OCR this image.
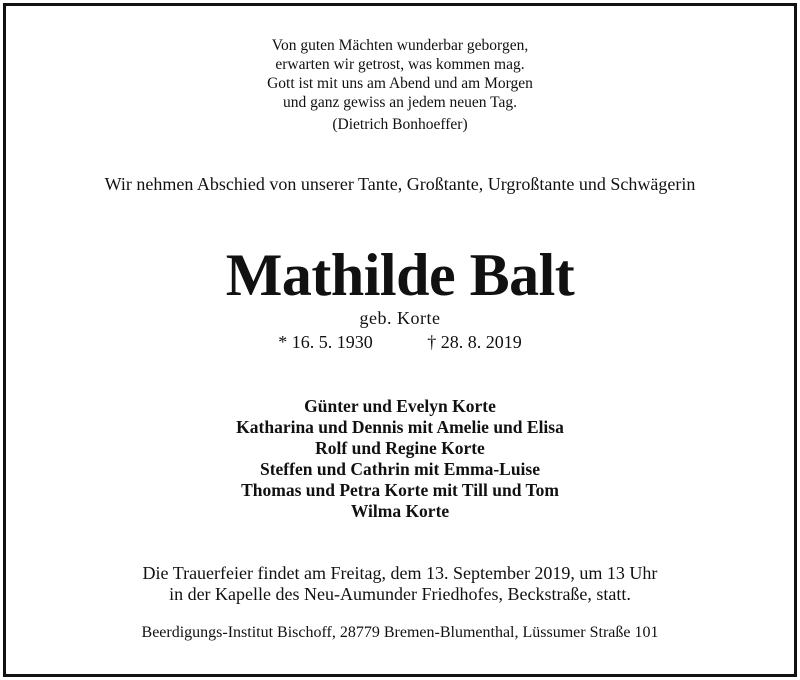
Von guten Mächten wunderbar geborgen,
erwarten wir getrost, was kommen mag.
Gott ist mit uns am Abend und am Morgen
und ganz gewiss an jedem neuen Tag.
(Dietrich Bonhoeffer)
Wir nehmen Abschied von unserer Tante, Großtante, Urgroßtante und Schwägerin
Mathilde Balt
geb. Korte
* 16. 5. 1930	† 28. 8. 2019
Günter und Evelyn Korte
Katharina und Dennis mit Amelie und Elisa
Rolf und Regine Korte
Steffen und Cathrin mit Emma-Luise
Thomas und Petra Korte mit Till und Tom
Wilma Korte
Die Trauerfeier findet am Freitag, dem 13. September 2019, um 13 Uhr
in der Kapelle des Neu-Aumunder Friedhofes, Beckstraße, statt.
Beerdigungs-Institut Bischoff, 28779 Bremen-Blumenthal, Lüssumer Straße 101
